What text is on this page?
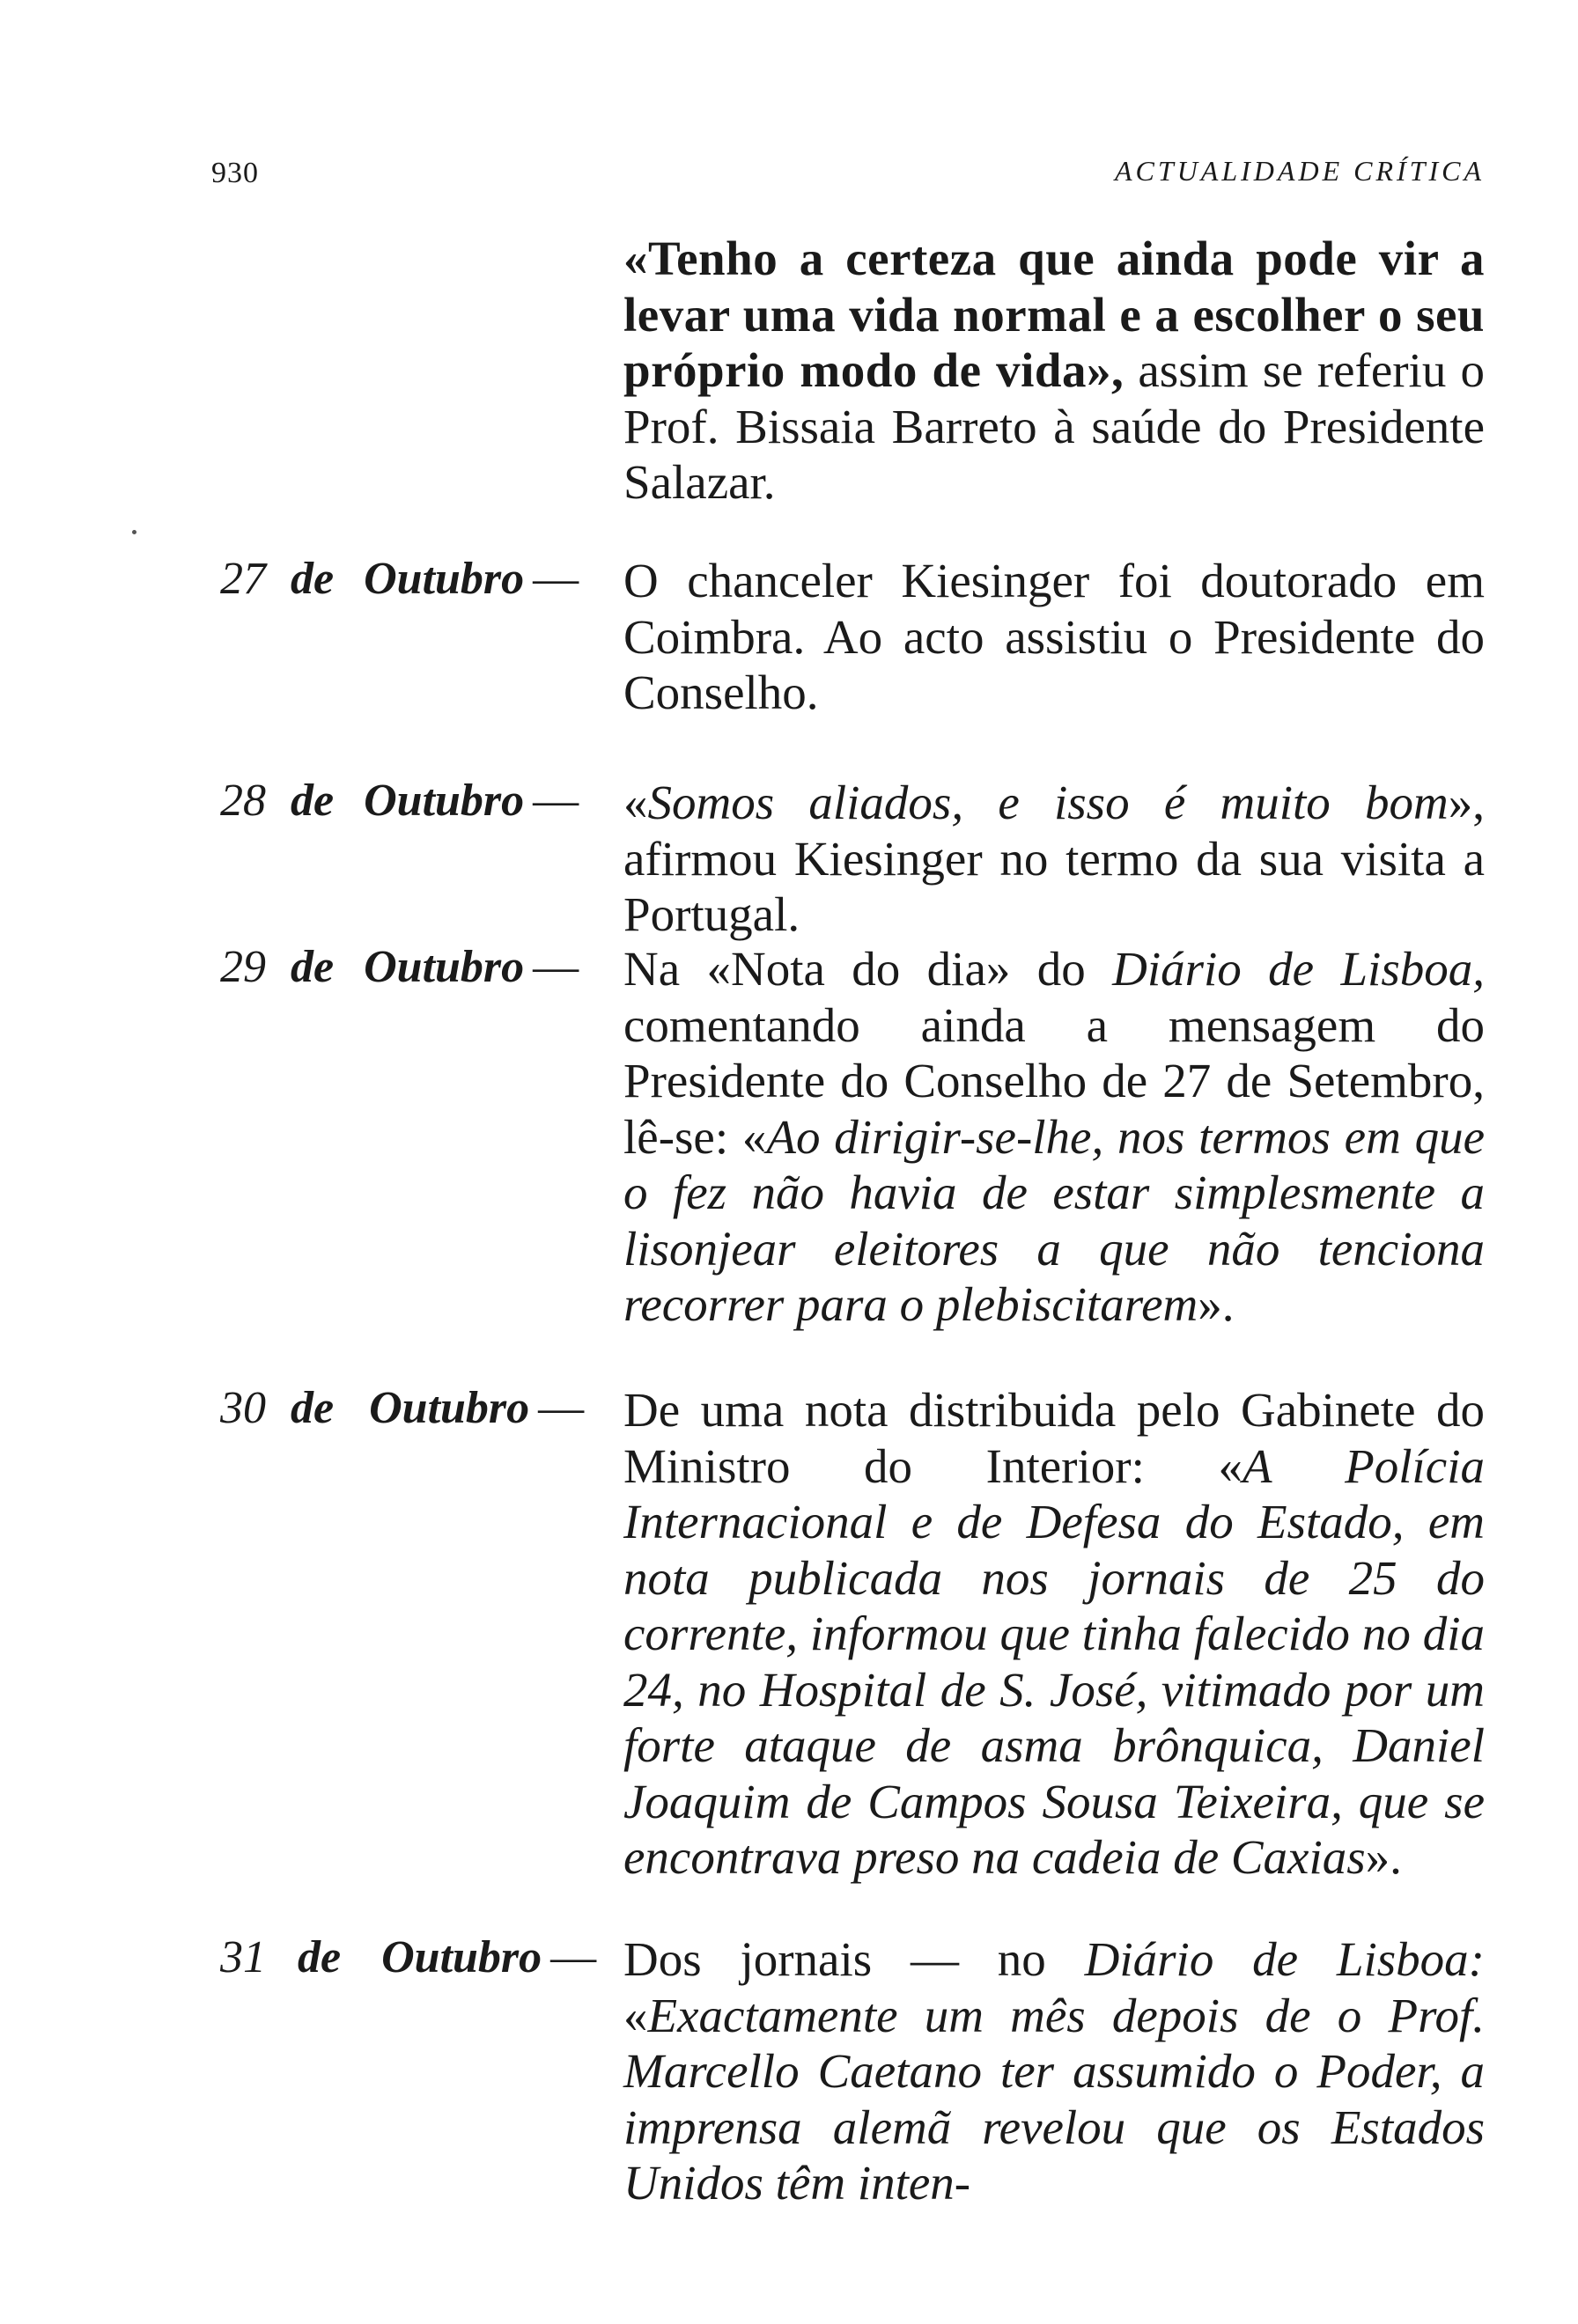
930	ACTUALIDADE CRÍTICA
«Tenho a certeza que ainda pode vir a levar uma vida normal e a escolher o seu próprio modo de vida», assim se referiu o Prof. Bissaia Barreto à saúde do Presidente Salazar.
27 de Outubro — O chanceler Kiesinger foi doutorado em Coimbra. Ao acto assistiu o Presidente do Conselho.
28 de Outubro — «Somos aliados, e isso é muito bom», afirmou Kiesinger no termo da sua visita a Portugal.
29 de Outubro — Na «Nota do dia» do Diário de Lisboa, comentando ainda a mensagem do Presidente do Conselho de 27 de Setembro, lê-se: «Ao dirigir-se-lhe, nos termos em que o fez não havia de estar simplesmente a lisonjear eleitores a que não tenciona recorrer para o plebiscitarem».
30 de Outubro — De uma nota distribuida pelo Gabinete do Ministro do Interior: «A Polícia Internacional e de Defesa do Estado, em nota publicada nos jornais de 25 do corrente, informou que tinha falecido no dia 24, no Hospital de S. José, vitimado por um forte ataque de asma brônquica, Daniel Joaquim de Campos Sousa Teixeira, que se encontrava preso na cadeia de Caxias».
31 de Outubro — Dos jornais — no Diário de Lisboa: «Exactamente um mês depois de o Prof. Marcello Caetano ter assumido o Poder, a imprensa alemã revelou que os Estados Unidos têm inten-
